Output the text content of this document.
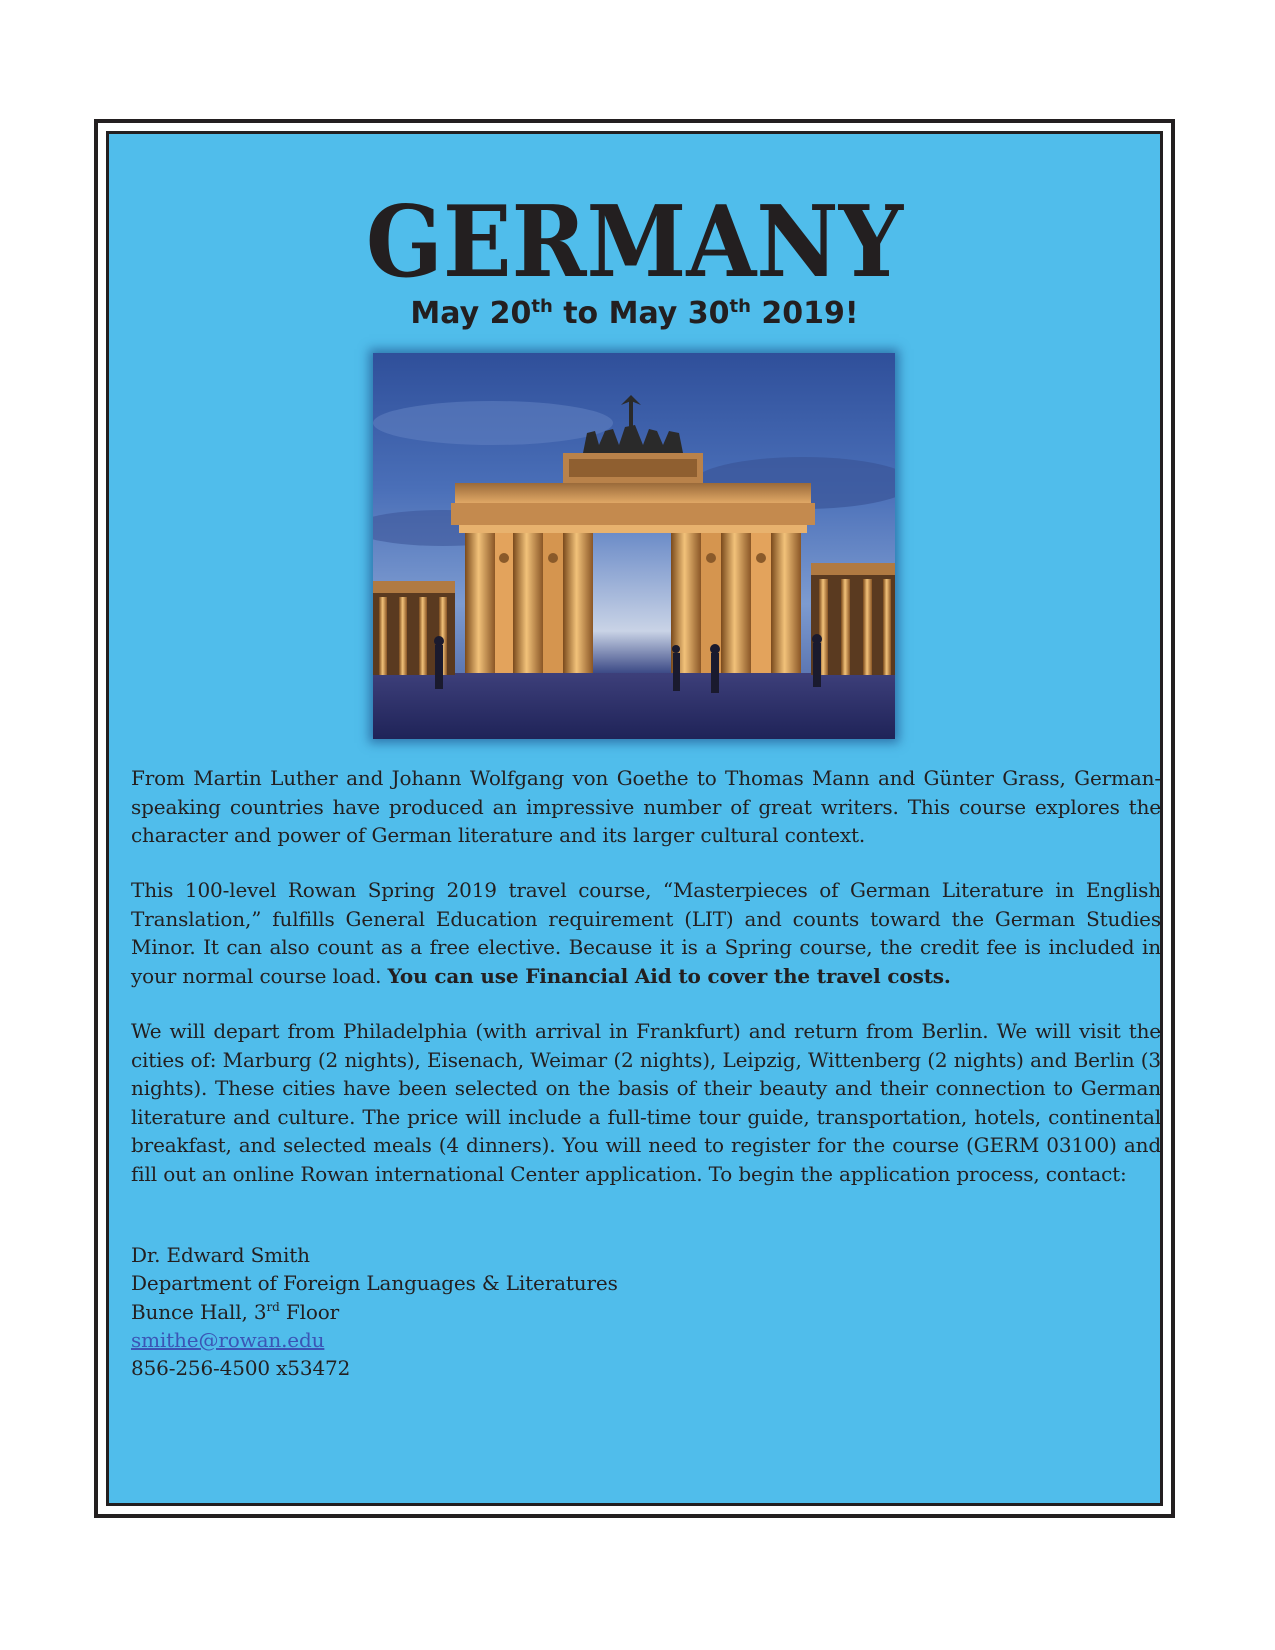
GERMANY

May 20th to May 30th 2019!

From Martin Luther and Johann Wolfgang von Goethe to Thomas Mann and Günter Grass, German-speaking countries have produced an impressive number of great writers. This course explores the character and power of German literature and its larger cultural context.

This 100-level Rowan Spring 2019 travel course, “Masterpieces of German Literature in English Translation,” fulfills General Education requirement (LIT) and counts toward the German Studies Minor. It can also count as a free elective. Because it is a Spring course, the credit fee is included in your normal course load. You can use Financial Aid to cover the travel costs.

We will depart from Philadelphia (with arrival in Frankfurt) and return from Berlin. We will visit the cities of: Marburg (2 nights), Eisenach, Weimar (2 nights), Leipzig, Wittenberg (2 nights) and Berlin (3 nights). These cities have been selected on the basis of their beauty and their connection to German literature and culture. The price will include a full-time tour guide, transportation, hotels, continental breakfast, and selected meals (4 dinners). You will need to register for the course (GERM 03100) and fill out an online Rowan international Center application. To begin the application process, contact:

Dr. Edward Smith
Department of Foreign Languages & Literatures
Bunce Hall, 3rd Floor
smithe@rowan.edu
856-256-4500 x53472
